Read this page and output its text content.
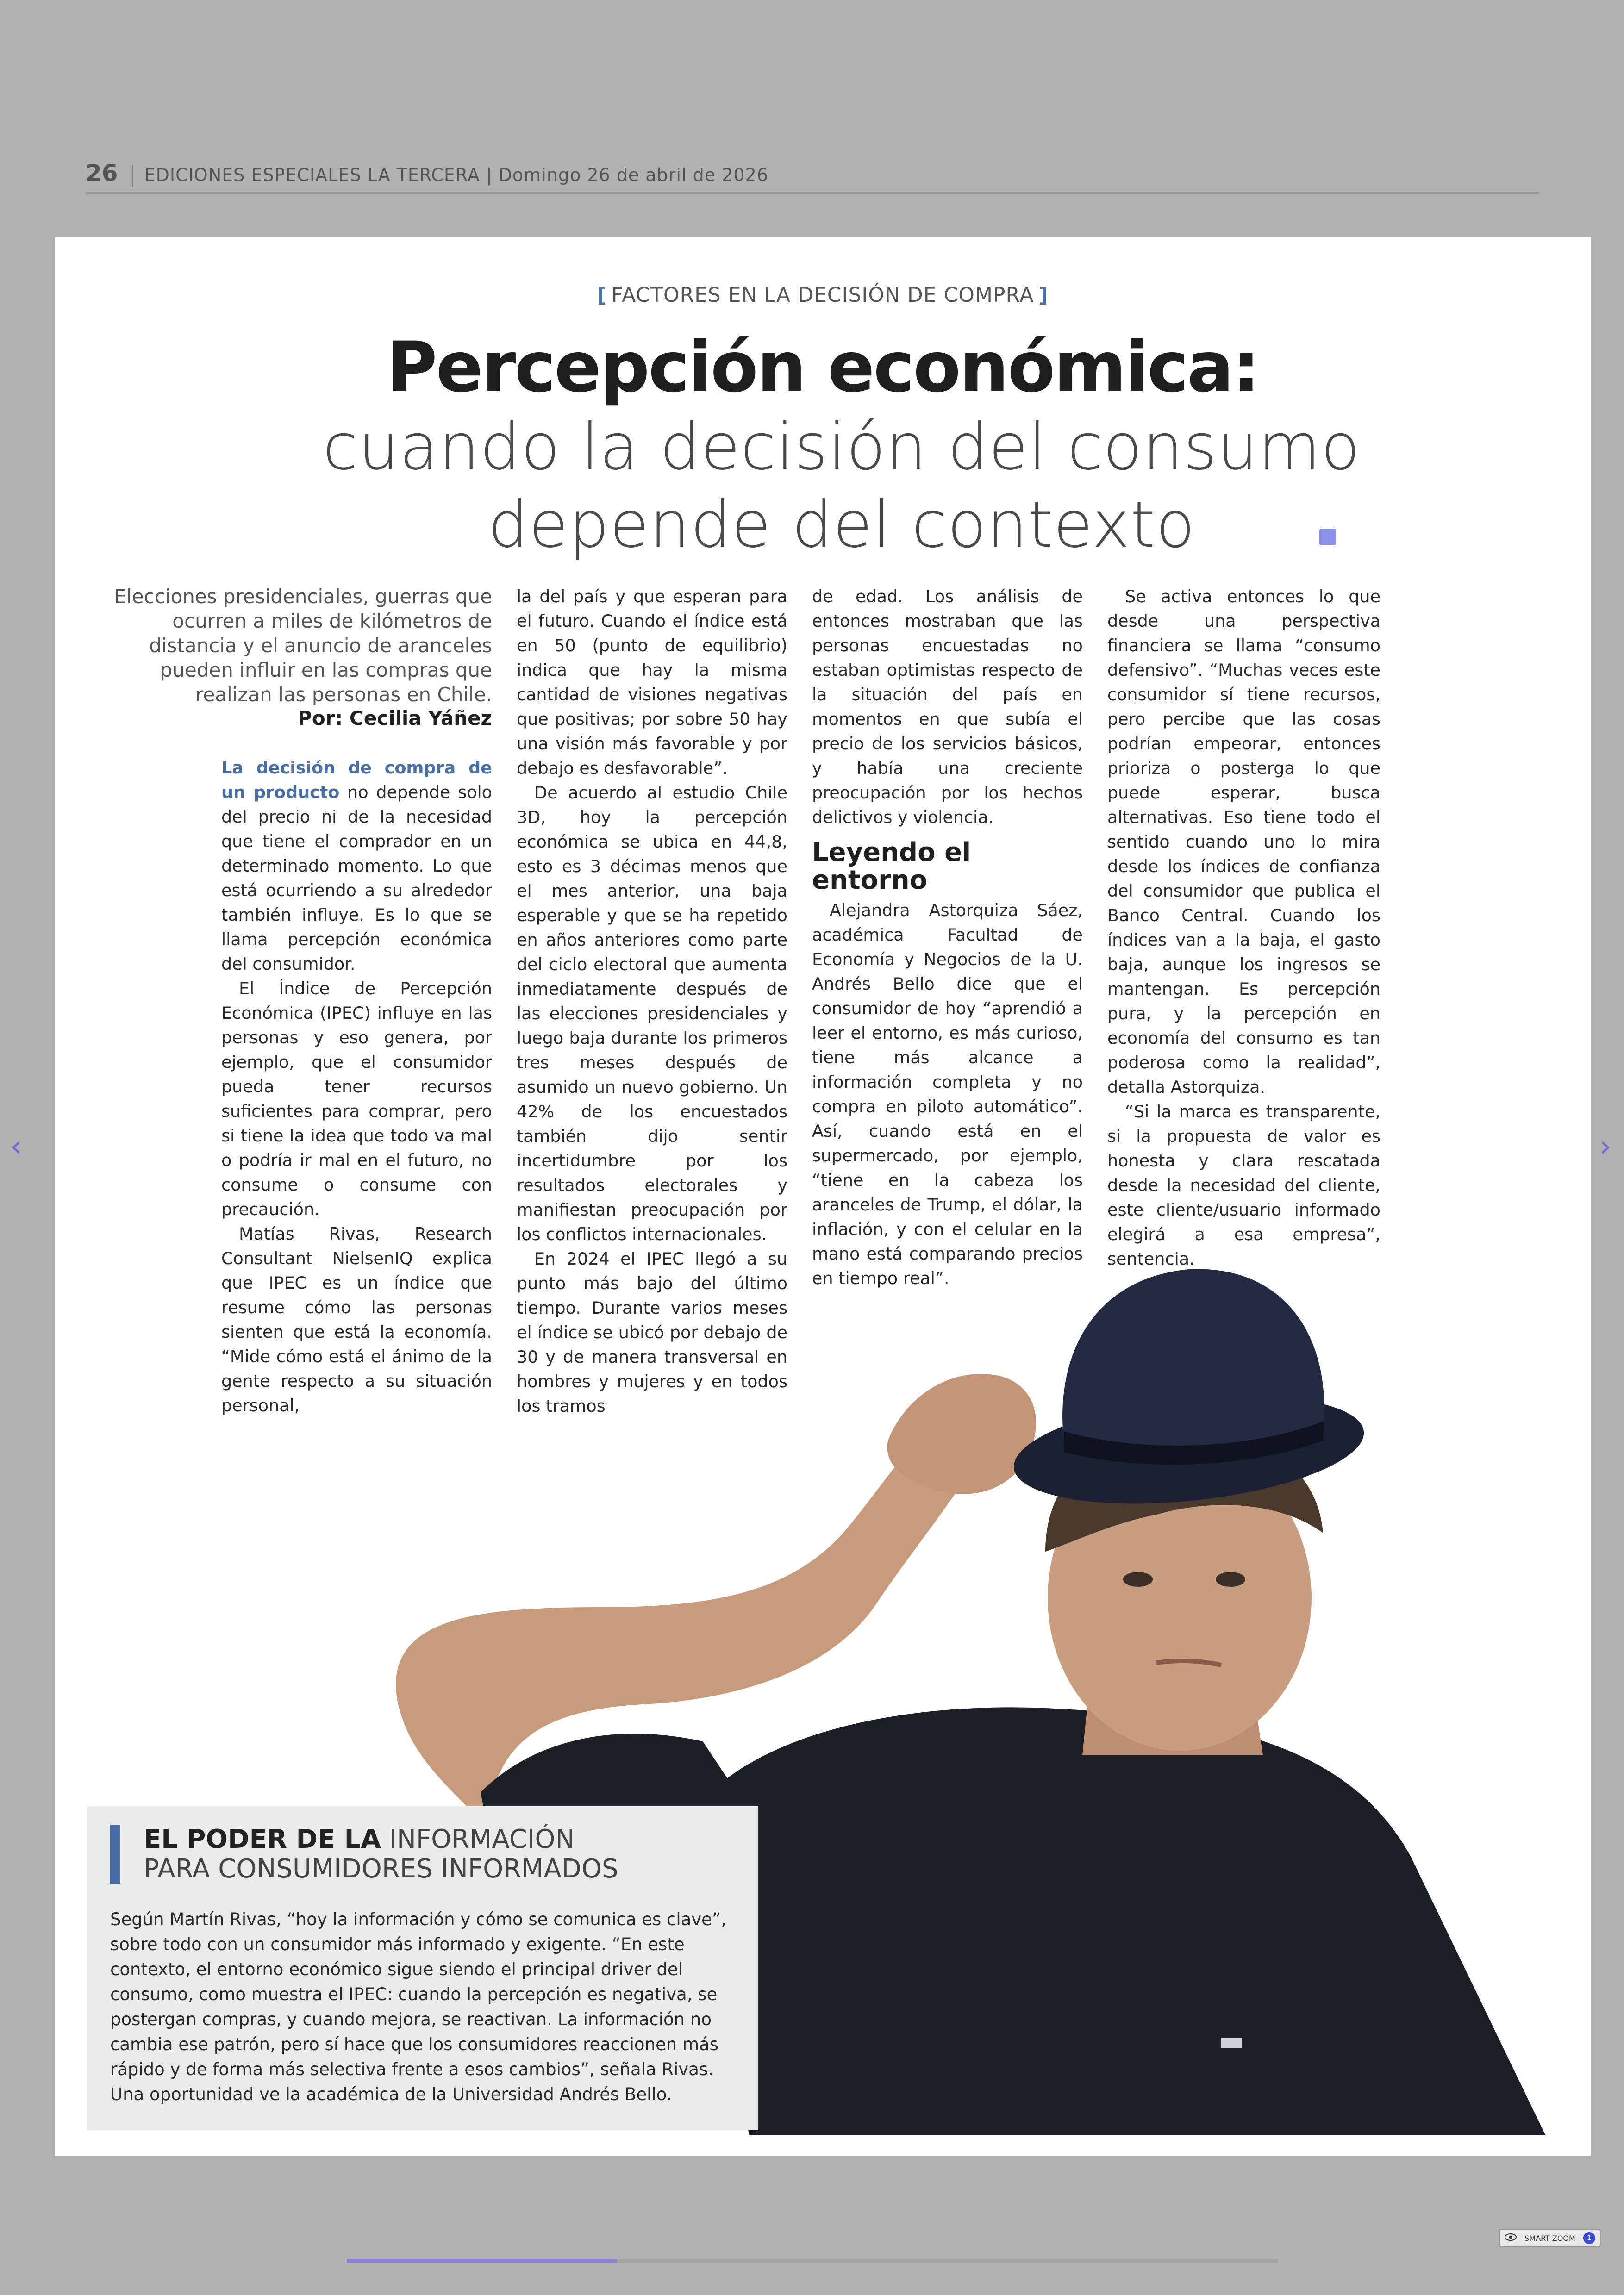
26 EDICIONES ESPECIALES LA TERCERA | Domingo 26 de abril de 2026
[ FACTORES EN LA DECISIÓN DE COMPRA ]
Percepción económica:
cuando la decisión del consumo
depende del contexto
Elecciones presidenciales, guerras que ocurren a miles de kilómetros de distancia y el anuncio de aranceles pueden influir en las compras que realizan las personas en Chile.
Por: Cecilia Yáñez

La decisión de compra de un producto no depende solo del precio ni de la necesidad que tiene el comprador en un determinado momento. Lo que está ocurriendo a su alrededor también influye. Es lo que se llama percepción económica del consumidor.

El Índice de Percepción Económica (IPEC) influye en las personas y eso genera, por ejemplo, que el consumidor pueda tener recursos suficientes para comprar, pero si tiene la idea que todo va mal o podría ir mal en el futuro, no consume o consume con precaución.

Matías Rivas, Research Consultant NielsenIQ explica que IPEC es un índice que resume cómo las personas sienten que está la economía. “Mide cómo está el ánimo de la gente respecto a su situación personal,

la del país y que esperan para el futuro. Cuando el índice está en 50 (punto de equilibrio) indica que hay la misma cantidad de visiones negativas que positivas; por sobre 50 hay una visión más favorable y por debajo es desfavorable”.

De acuerdo al estudio Chile 3D, hoy la percepción económica se ubica en 44,8, esto es 3 décimas menos que el mes anterior, una baja esperable y que se ha repetido en años anteriores como parte del ciclo electoral que aumenta inmediatamente después de las elecciones presidenciales y luego baja durante los primeros tres meses después de asumido un nuevo gobierno. Un 42% de los encuestados también dijo sentir incertidumbre por los resultados electorales y manifiestan preocupación por los conflictos internacionales.

En 2024 el IPEC llegó a su punto más bajo del último tiempo. Durante varios meses el índice se ubicó por debajo de 30 y de manera transversal en hombres y mujeres y en todos los tramos

de edad. Los análisis de entonces mostraban que las personas encuestadas no estaban optimistas respecto de la situación del país en momentos en que subía el precio de los servicios básicos, y había una creciente preocupación por los hechos delictivos y violencia.

Leyendo el entorno

Alejandra Astorquiza Sáez, académica Facultad de Economía y Negocios de la U. Andrés Bello dice que el consumidor de hoy “aprendió a leer el entorno, es más curioso, tiene más alcance a información completa y no compra en piloto automático”. Así, cuando está en el supermercado, por ejemplo, “tiene en la cabeza los aranceles de Trump, el dólar, la inflación, y con el celular en la mano está comparando precios en tiempo real”.

Se activa entonces lo que desde una perspectiva financiera se llama “consumo defensivo”. “Muchas veces este consumidor sí tiene recursos, pero percibe que las cosas podrían empeorar, entonces prioriza o posterga lo que puede esperar, busca alternativas. Eso tiene todo el sentido cuando uno lo mira desde los índices de confianza del consumidor que publica el Banco Central. Cuando los índices van a la baja, el gasto baja, aunque los ingresos se mantengan. Es percepción pura, y la percepción en economía del consumo es tan poderosa como la realidad”, detalla Astorquiza.

“Si la marca es transparente, si la propuesta de valor es honesta y clara rescatada desde la necesidad del cliente, este cliente/usuario informado elegirá a esa empresa”, sentencia.

EL PODER DE LA INFORMACIÓN
PARA CONSUMIDORES INFORMADOS
Según Martín Rivas, “hoy la información y cómo se comunica es clave”, sobre todo con un consumidor más informado y exigente. “En este contexto, el entorno económico sigue siendo el principal driver del consumo, como muestra el IPEC: cuando la percepción es negativa, se postergan compras, y cuando mejora, se reactivan. La información no cambia ese patrón, pero sí hace que los consumidores reaccionen más rápido y de forma más selectiva frente a esos cambios”, señala Rivas. Una oportunidad ve la académica de la Universidad Andrés Bello.
‹	›
SMART ZOOM	1
